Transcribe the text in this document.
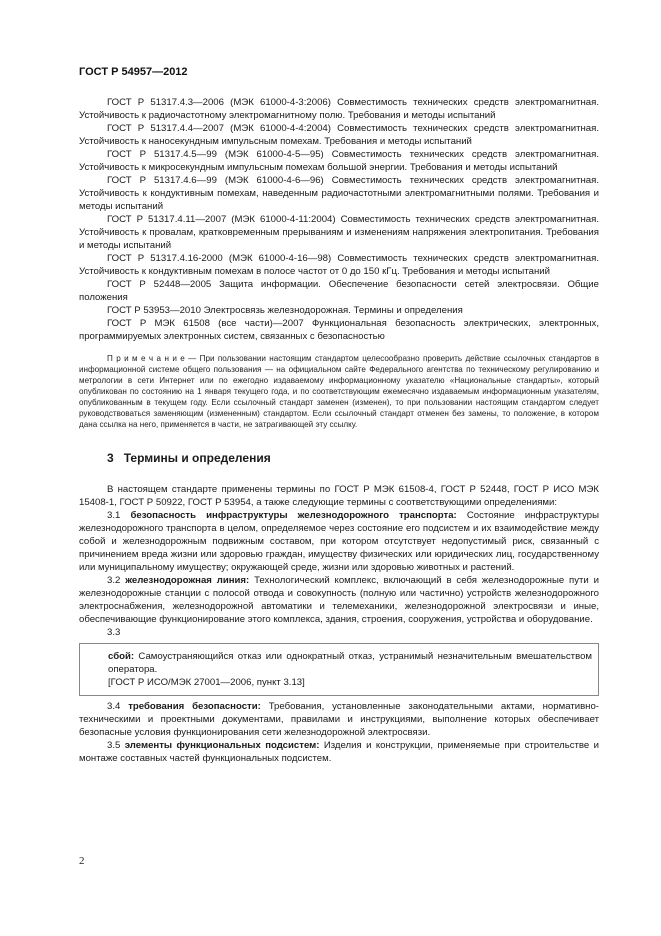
ГОСТ Р 54957—2012

ГОСТ Р 51317.4.3—2006 (МЭК 61000-4-3:2006) Совместимость технических средств электромагнитная. Устойчивость к радиочастотному электромагнитному полю. Требования и методы испытаний

ГОСТ Р 51317.4.4—2007 (МЭК 61000-4-4:2004) Совместимость технических средств электромагнитная. Устойчивость к наносекундным импульсным помехам. Требования и методы испытаний

ГОСТ Р 51317.4.5—99 (МЭК 61000-4-5—95) Совместимость технических средств электромагнитная. Устойчивость к микросекундным импульсным помехам большой энергии. Требования и методы испытаний

ГОСТ Р 51317.4.6—99 (МЭК 61000-4-6—96) Совместимость технических средств электромагнитная. Устойчивость к кондуктивным помехам, наведенным радиочастотными электромагнитными полями. Требования и методы испытаний

ГОСТ Р 51317.4.11—2007 (МЭК 61000-4-11:2004) Совместимость технических средств электромагнитная. Устойчивость к провалам, кратковременным прерываниям и изменениям напряжения электропитания. Требования и методы испытаний

ГОСТ Р 51317.4.16-2000 (МЭК 61000-4-16—98) Совместимость технических средств электромагнитная. Устойчивость к кондуктивным помехам в полосе частот от 0 до 150 кГц. Требования и методы испытаний

ГОСТ Р 52448—2005 Защита информации. Обеспечение безопасности сетей электросвязи. Общие положения

ГОСТ Р 53953—2010 Электросвязь железнодорожная. Термины и определения

ГОСТ Р МЭК 61508 (все части)—2007 Функциональная безопасность электрических, электронных, программируемых электронных систем, связанных с безопасностью

П р и м е ч а н и е — При пользовании настоящим стандартом целесообразно проверить действие ссылочных стандартов в информационной системе общего пользования — на официальном сайте Федерального агентства по техническому регулированию и метрологии в сети Интернет или по ежегодно издаваемому информационному указателю «Национальные стандарты», который опубликован по состоянию на 1 января текущего года, и по соответствующим ежемесячно издаваемым информационным указателям, опубликованным в текущем году. Если ссылочный стандарт заменен (изменен), то при пользовании настоящим стандартом следует руководствоваться заменяющим (измененным) стандартом. Если ссылочный стандарт отменен без замены, то положение, в котором дана ссылка на него, применяется в части, не затрагивающей эту ссылку.

3 Термины и определения

В настоящем стандарте применены термины по ГОСТ Р МЭК 61508-4, ГОСТ Р 52448, ГОСТ Р ИСО МЭК 15408-1, ГОСТ Р 50922, ГОСТ Р 53954, а также следующие термины с соответствующими определениями:

3.1 безопасность инфраструктуры железнодорожного транспорта: Состояние инфраструктуры железнодорожного транспорта в целом, определяемое через состояние его подсистем и их взаимодействие между собой и железнодорожным подвижным составом, при котором отсутствует недопустимый риск, связанный с причинением вреда жизни или здоровью граждан, имуществу физических или юридических лиц, государственному или муниципальному имуществу; окружающей среде, жизни или здоровью животных и растений.

3.2 железнодорожная линия: Технологический комплекс, включающий в себя железнодорожные пути и железнодорожные станции с полосой отвода и совокупность (полную или частично) устройств железнодорожного электроснабжения, железнодорожной автоматики и телемеханики, железнодорожной электросвязи и иные, обеспечивающие функционирование этого комплекса, здания, строения, сооружения, устройства и оборудование.

3.3

сбой: Самоустраняющийся отказ или однократный отказ, устранимый незначительным вмешательством оператора.

[ГОСТ Р ИСО/МЭК 27001—2006, пункт 3.13]

3.4 требования безопасности: Требования, установленные законодательными актами, нормативно-техническими и проектными документами, правилами и инструкциями, выполнение которых обеспечивает безопасные условия функционирования сети железнодорожной электросвязи.

3.5 элементы функциональных подсистем: Изделия и конструкции, применяемые при строительстве и монтаже составных частей функциональных подсистем.

2
